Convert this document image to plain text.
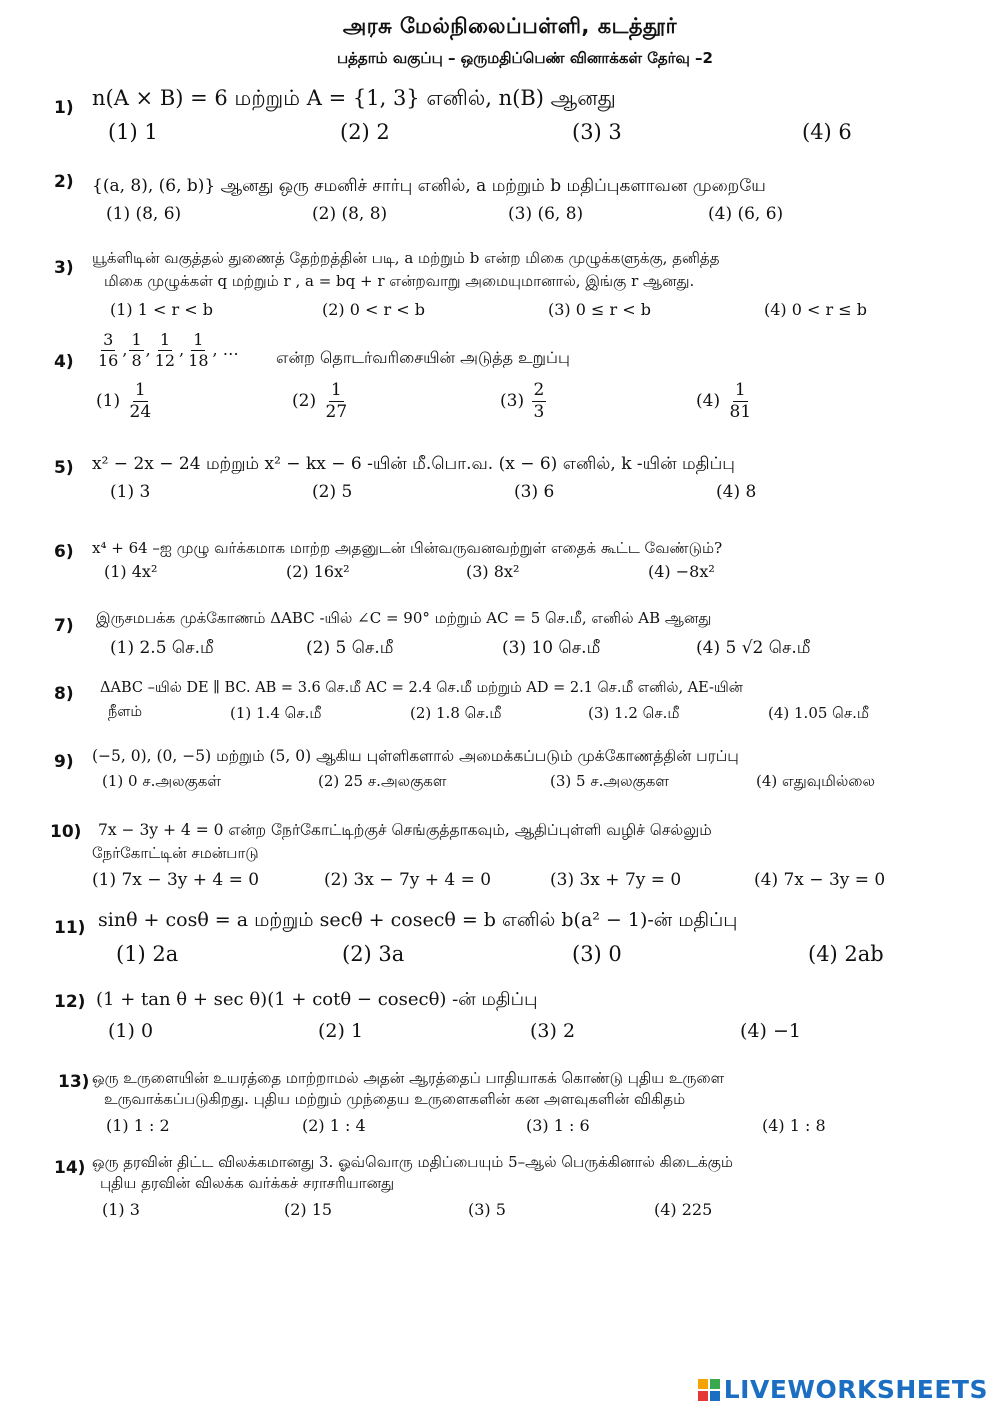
அரசு மேல்நிலைப்பள்ளி, கடத்தூர்
பத்தாம் வகுப்பு – ஒருமதிப்பெண் வினாக்கள் தேர்வு –2
1) n(A × B) = 6 மற்றும் A = {1, 3} எனில், n(B) ஆனது
(1) 1	(2) 2	(3) 3	(4) 6
2) {(a, 8), (6, b)} ஆனது ஒரு சமனிச் சார்பு எனில், a மற்றும் b மதிப்புகளாவன முறையே
(1) (8, 6)	(2) (8, 8)	(3) (6, 8)	(4) (6, 6)
3) யூக்ளிடின் வகுத்தல் துணைத் தேற்றத்தின் படி, a மற்றும் b என்ற மிகை முழுக்களுக்கு, தனித்த
மிகை முழுக்கள் q மற்றும் r , a = bq + r என்றவாறு அமையுமானால், இங்கு r ஆனது.
(1) 1 < r < b	(2) 0 < r < b	(3) 0 ≤ r < b	(4) 0 < r ≤ b
$4) \frac{3}{16}$ , $\frac{1}{8}$ , $\frac{1}{12}$ , $\frac{1}{18}$ , … என்ற தொடர்வரிசையின் அடுத்த உறுப்பு
$(1) \frac{1}{24}$	$(2) \frac{1}{27}$	$(3) \frac{2}{3}$	$(4) \frac{1}{81}$
5) x² − 2x − 24 மற்றும் x² − kx − 6 -யின் மீ.பொ.வ. (x − 6) எனில், k -யின் மதிப்பு
(1) 3	(2) 5	(3) 6	(4) 8
6) x⁴ + 64 –ஐ முழு வர்க்கமாக மாற்ற அதனுடன் பின்வருவனவற்றுள் எதைக் கூட்ட வேண்டும்?
(1) 4x²	(2) 16x²	(3) 8x²	(4) −8x²
7) இருசமபக்க முக்கோணம் ΔABC -யில் ∠C = 90° மற்றும் AC = 5 செ.மீ, எனில் AB ஆனது
(1) 2.5 செ.மீ	(2) 5 செ.மீ	(3) 10 செ.மீ	(4) 5 √2 செ.மீ
8) ΔABC –யில் DE ∥ BC. AB = 3.6 செ.மீ AC = 2.4 செ.மீ மற்றும் AD = 2.1 செ.மீ எனில், AE-யின்
நீளம்	(1) 1.4 செ.மீ	(2) 1.8 செ.மீ	(3) 1.2 செ.மீ	(4) 1.05 செ.மீ
9) (−5, 0), (0, −5) மற்றும் (5, 0) ஆகிய புள்ளிகளால் அமைக்கப்படும் முக்கோணத்தின் பரப்பு
(1) 0 ச.அலகுகள்	(2) 25 ச.அலகுகள	(3) 5 ச.அலகுகள	(4) எதுவுமில்லை
10) 7x − 3y + 4 = 0 என்ற நேர்கோட்டிற்குச் செங்குத்தாகவும், ஆதிப்புள்ளி வழிச் செல்லும்
நேர்கோட்டின் சமன்பாடு
(1) 7x − 3y + 4 = 0	(2) 3x − 7y + 4 = 0	(3) 3x + 7y = 0	(4) 7x − 3y = 0
11) sinθ + cosθ = a மற்றும் secθ + cosecθ = b எனில் b(a² − 1)-ன் மதிப்பு
(1) 2a	(2) 3a	(3) 0	(4) 2ab
12) (1 + tan θ + sec θ)(1 + cotθ − cosecθ) -ன் மதிப்பு
(1) 0	(2) 1	(3) 2	(4) −1
13) ஒரு உருளையின் உயரத்தை மாற்றாமல் அதன் ஆரத்தைப் பாதியாகக் கொண்டு புதிய உருளை
உருவாக்கப்படுகிறது. புதிய மற்றும் முந்தைய உருளைகளின் கன அளவுகளின் விகிதம்
(1) 1 : 2	(2) 1 : 4	(3) 1 : 6	(4) 1 : 8
14) ஒரு தரவின் திட்ட விலக்கமானது 3. ஓவ்வொரு மதிப்பையும் 5–ஆல் பெருக்கினால் கிடைக்கும்
புதிய தரவின் விலக்க வர்க்கச் சராசரியானது
(1) 3	(2) 15	(3) 5	(4) 225
LIVEWORKSHEETS
